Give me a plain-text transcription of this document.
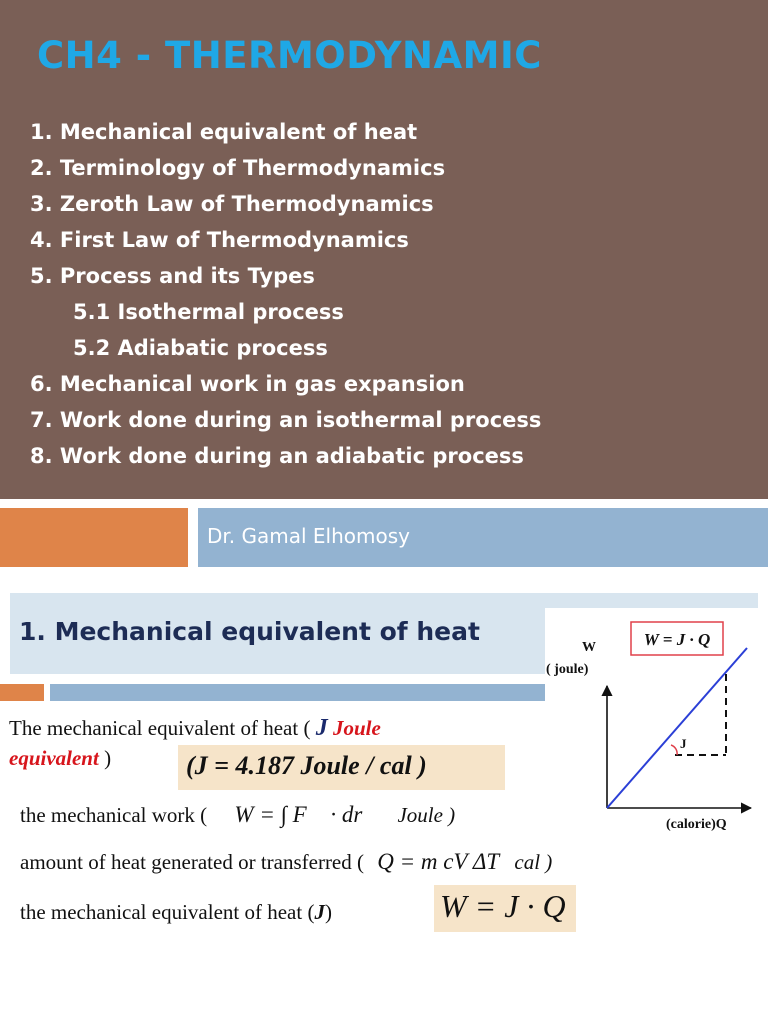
CH4 - THERMODYNAMIC
1. Mechanical equivalent of heat
2. Terminology of Thermodynamics
3. Zeroth Law of Thermodynamics
4. First Law of Thermodynamics
5. Process and its Types
5.1 Isothermal process
5.2 Adiabatic process
6. Mechanical work in gas expansion
7. Work done during an isothermal process
8. Work done during an adiabatic process
Dr. Gamal Elhomosy
1. Mechanical equivalent of heat
The mechanical equivalent of heat ( J Joule
equivalent )	(J = 4.187 Joule / cal )
the mechanical work ( W = ∫ F⃗ · dr⃗ Joule )
amount of heat generated or transferred ( Q = m cV ΔT cal )
the mechanical equivalent of heat (J)	W = J · Q
W = J · Q
W
( joule)
(calorie)Q
J
